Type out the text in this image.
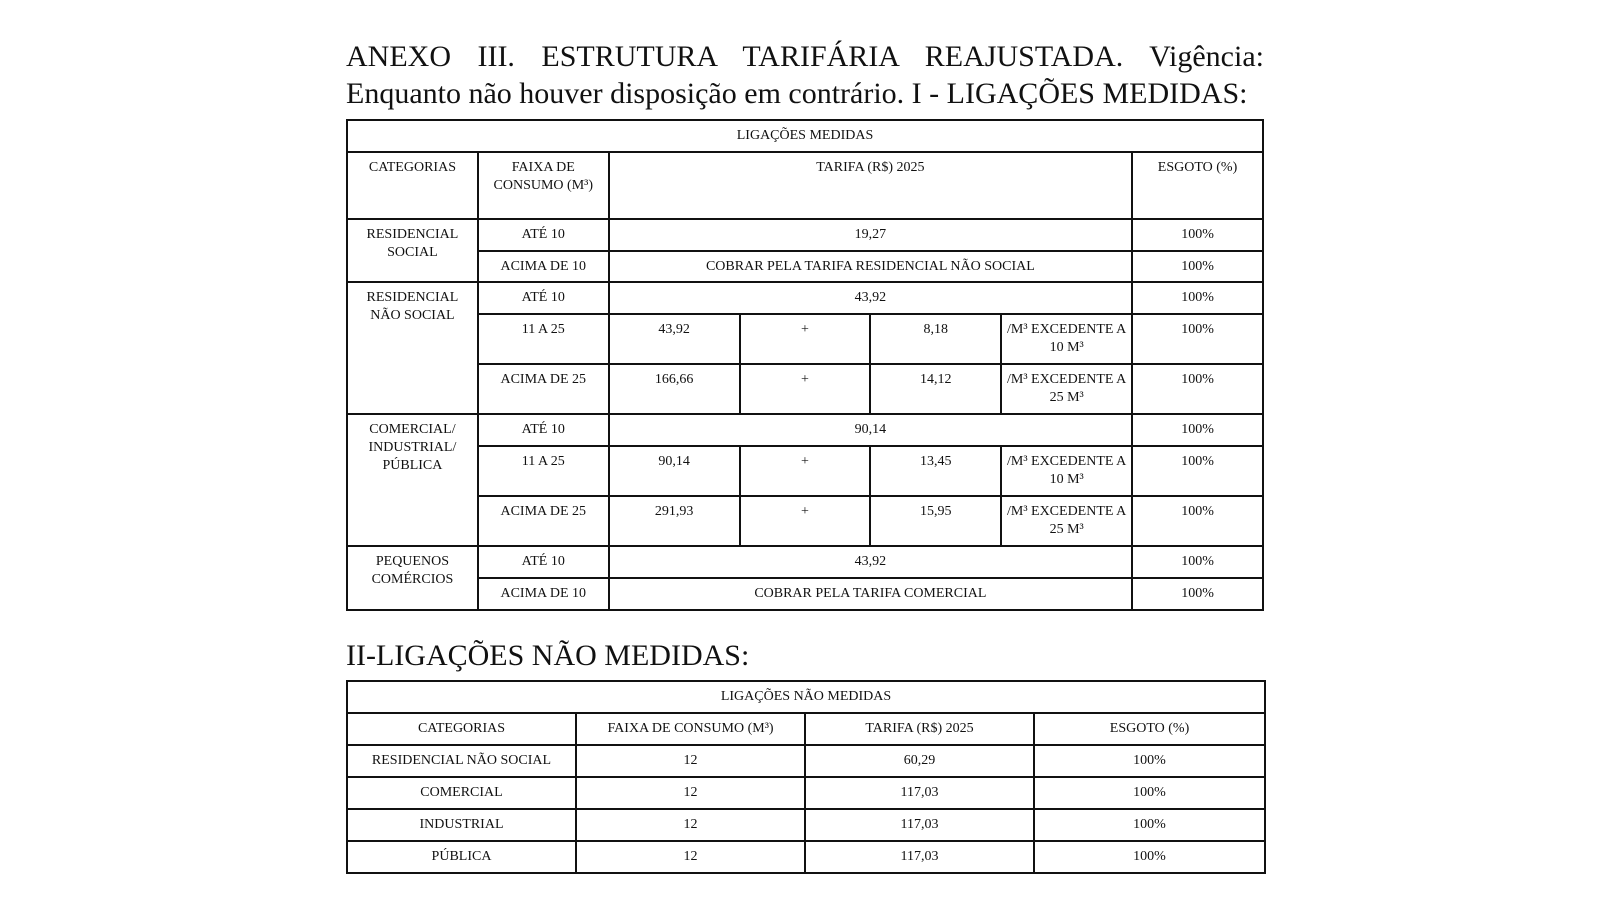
ANEXO III. ESTRUTURA TARIFÁRIA REAJUSTADA. Vigência: Enquanto não houver disposição em contrário. I - LIGAÇÕES MEDIDAS:

LIGAÇÕES MEDIDAS						
CATEGORIAS	FAIXA DE CONSUMO (M³)	TARIFA (R$) 2025				ESGOTO (%)
RESIDENCIAL SOCIAL	ATÉ 10	19,27				100%
	ACIMA DE 10	COBRAR PELA TARIFA RESIDENCIAL NÃO SOCIAL				100%
RESIDENCIAL NÃO SOCIAL	ATÉ 10	43,92				100%
	11 A 25	43,92	+	8,18	/M³ EXCEDENTE A 10 M³	100%
	ACIMA DE 25	166,66	+	14,12	/M³ EXCEDENTE A 25 M³	100%
COMERCIAL/ INDUSTRIAL/ PÚBLICA	ATÉ 10	90,14				100%
	11 A 25	90,14	+	13,45	/M³ EXCEDENTE A 10 M³	100%
	ACIMA DE 25	291,93	+	15,95	/M³ EXCEDENTE A 25 M³	100%
PEQUENOS COMÉRCIOS	ATÉ 10	43,92				100%
	ACIMA DE 10	COBRAR PELA TARIFA COMERCIAL				100%

II-LIGAÇÕES NÃO MEDIDAS:

LIGAÇÕES NÃO MEDIDAS			
CATEGORIAS	FAIXA DE CONSUMO (M³)	TARIFA (R$) 2025	ESGOTO (%)
RESIDENCIAL NÃO SOCIAL	12	60,29	100%
COMERCIAL	12	117,03	100%
INDUSTRIAL	12	117,03	100%
PÚBLICA	12	117,03	100%
